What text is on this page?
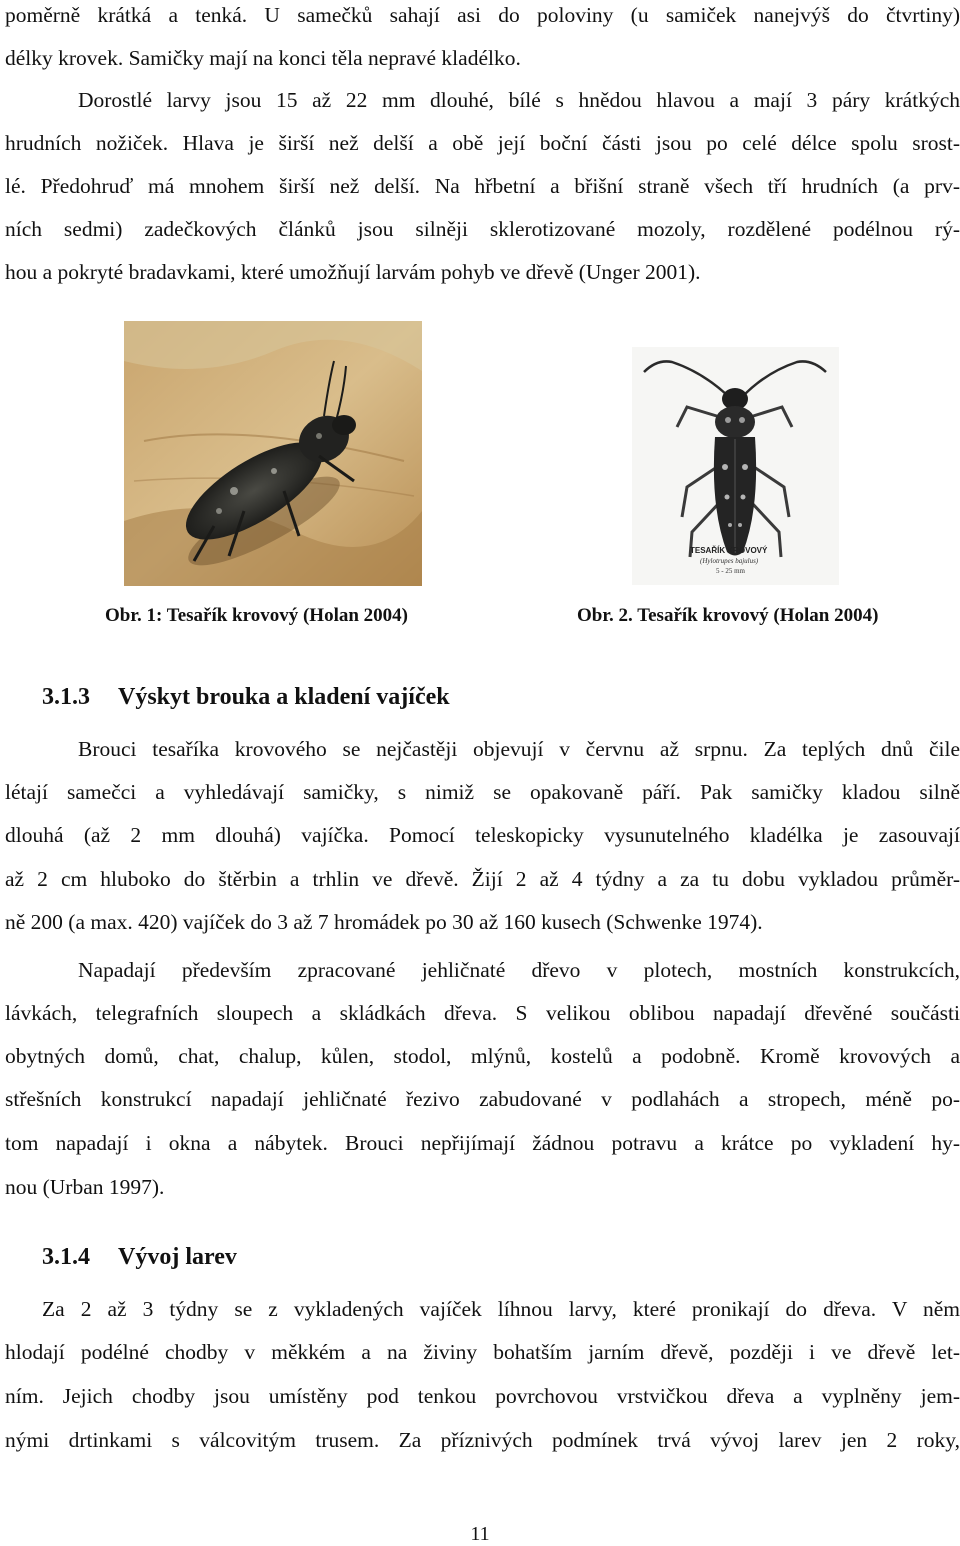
poměrně krátká a tenká. U samečků sahají asi do poloviny (u samiček nanejvýš do čtvrtiny)
délky krovek. Samičky mají na konci těla nepravé kladélko.
Dorostlé larvy jsou 15 až 22 mm dlouhé, bílé s hnědou hlavou a mají 3 páry krátkých
hrudních nožiček. Hlava je širší než delší a obě její boční části jsou po celé délce spolu srost-
lé. Předohruď má mnohem širší než delší. Na hřbetní a břišní straně všech tří hrudních (a prv-
ních sedmi) zadečkových článků jsou silněji sklerotizované mozoly, rozdělené podélnou rý-
hou a pokryté bradavkami, které umožňují larvám pohyb ve dřevě (Unger 2001).
TESAŘÍK KROVOVÝ
(Hylotrupes bajulus)
5 - 25 mm
Obr. 1: Tesařík krovový (Holan 2004)	Obr. 2. Tesařík krovový (Holan 2004)
3.1.3 Výskyt brouka a kladení vajíček
Brouci tesaříka krovového se nejčastěji objevují v červnu až srpnu. Za teplých dnů čile
létají samečci a vyhledávají samičky, s nimiž se opakovaně páří. Pak samičky kladou silně
dlouhá (až 2 mm dlouhá) vajíčka. Pomocí teleskopicky vysunutelného kladélka je zasouvají
až 2 cm hluboko do štěrbin a trhlin ve dřevě. Žijí 2 až 4 týdny a za tu dobu vykladou průměr-
ně 200 (a max. 420) vajíček do 3 až 7 hromádek po 30 až 160 kusech (Schwenke 1974).
Napadají především zpracované jehličnaté dřevo v plotech, mostních konstrukcích,
lávkách, telegrafních sloupech a skládkách dřeva. S velikou oblibou napadají dřevěné součásti
obytných domů, chat, chalup, kůlen, stodol, mlýnů, kostelů a podobně. Kromě krovových a
střešních konstrukcí napadají jehličnaté řezivo zabudované v podlahách a stropech, méně po-
tom napadají i okna a nábytek. Brouci nepřijímají žádnou potravu a krátce po vykladení hy-
nou (Urban 1997).
3.1.4 Vývoj larev
Za 2 až 3 týdny se z vykladených vajíček líhnou larvy, které pronikají do dřeva. V něm
hlodají podélné chodby v měkkém a na živiny bohatším jarním dřevě, později i ve dřevě let-
ním. Jejich chodby jsou umístěny pod tenkou povrchovou vrstvičkou dřeva a vyplněny jem-
nými drtinkami s válcovitým trusem. Za příznivých podmínek trvá vývoj larev jen 2 roky,
11
